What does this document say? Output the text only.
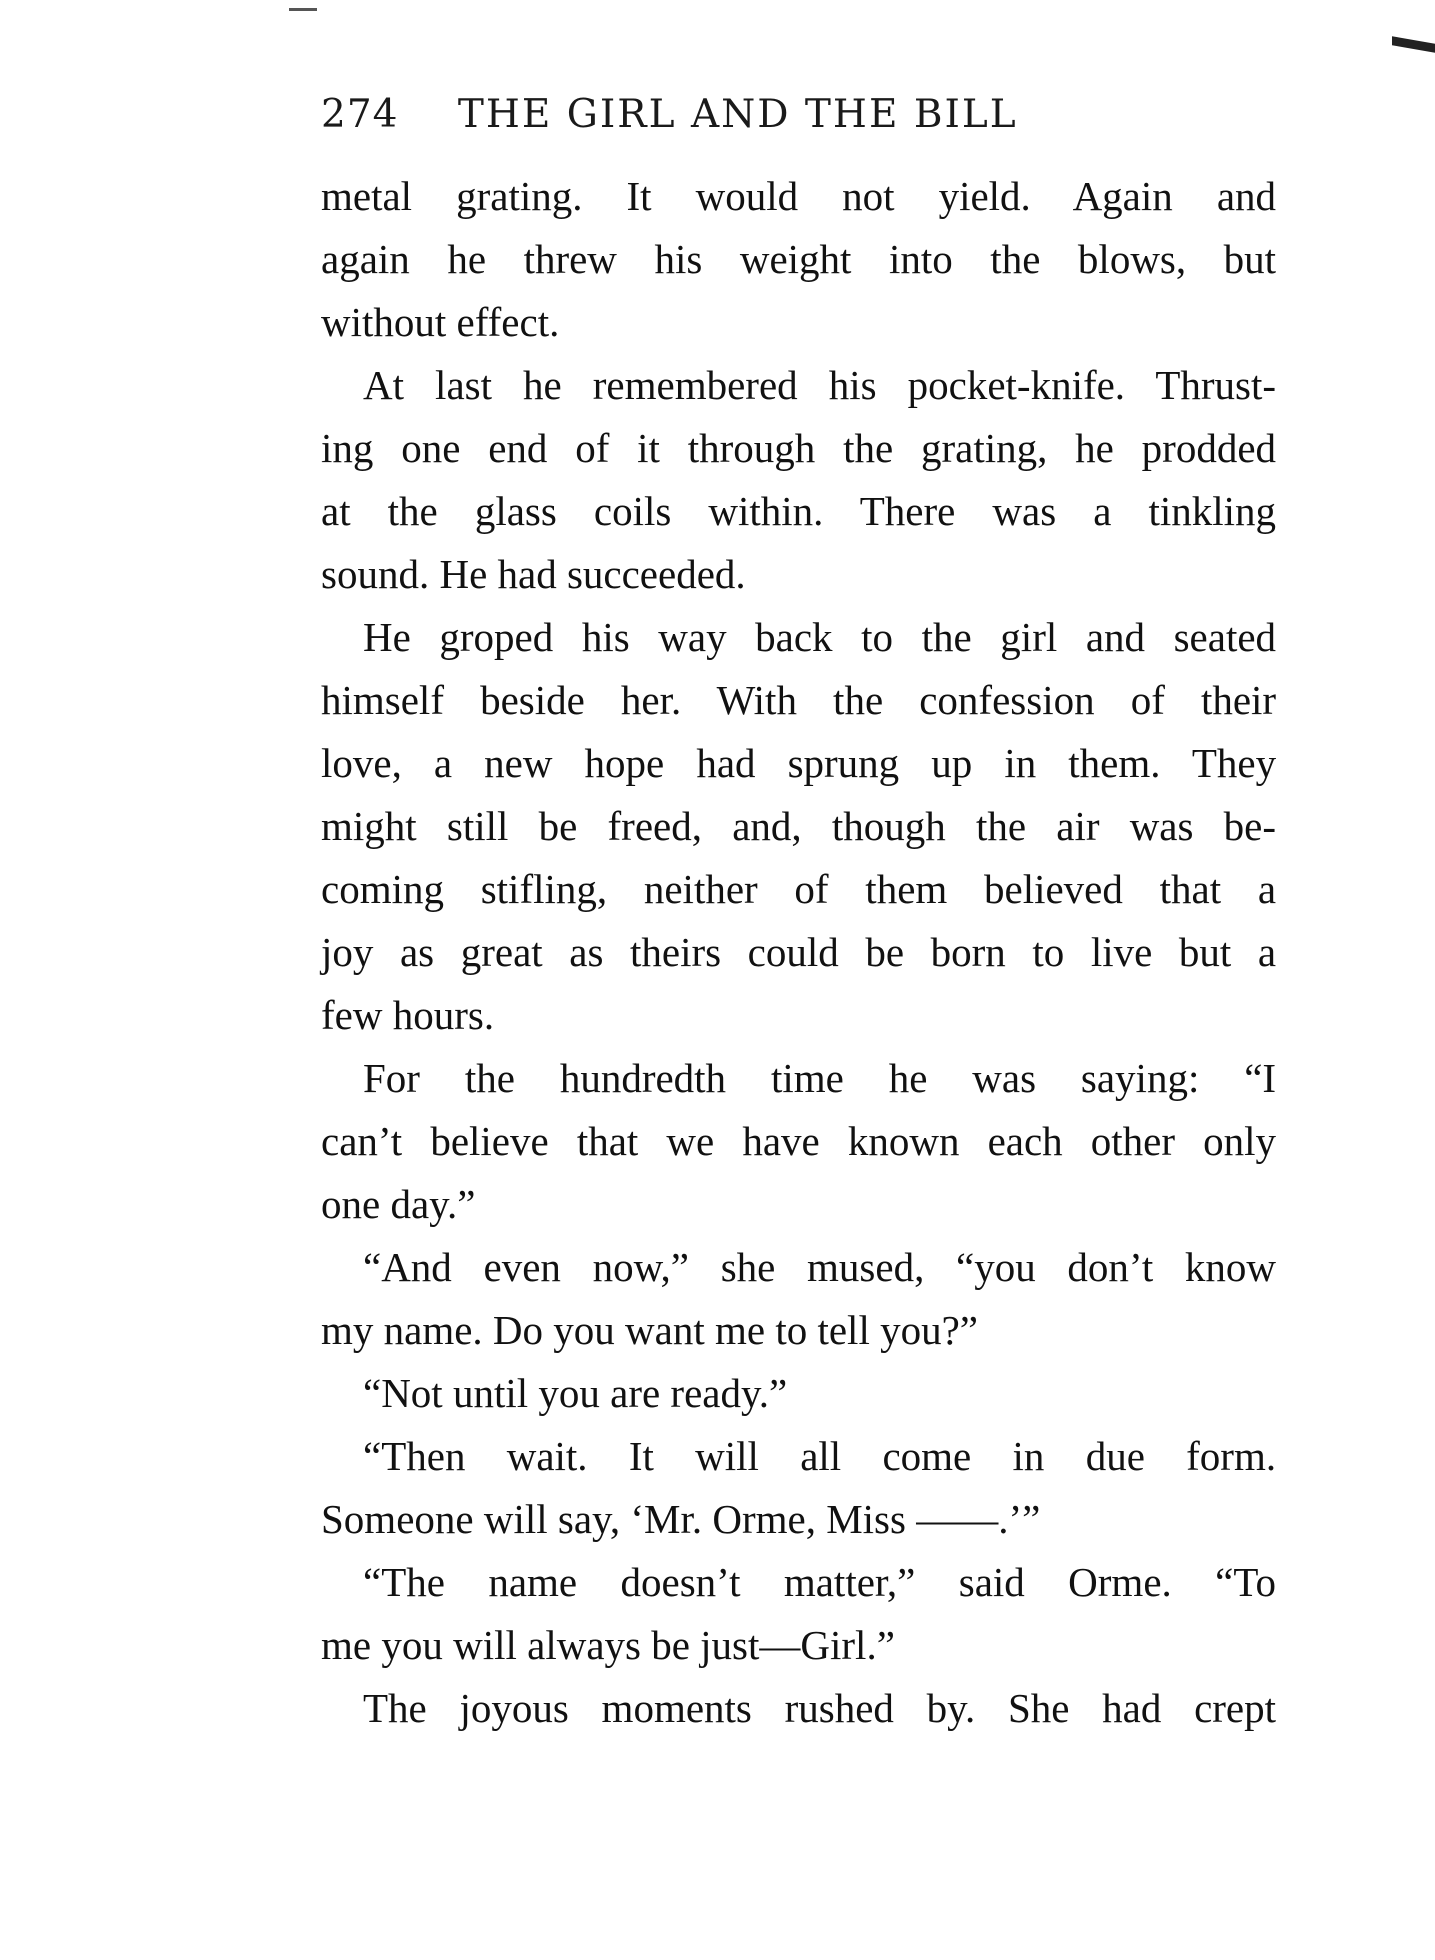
274 THE GIRL AND THE BILL
metal grating. It would not yield. Again and
again he threw his weight into the blows, but
without effect.
At last he remembered his pocket-knife. Thrust-
ing one end of it through the grating, he prodded
at the glass coils within. There was a tinkling
sound. He had succeeded.
He groped his way back to the girl and seated
himself beside her. With the confession of their
love, a new hope had sprung up in them. They
might still be freed, and, though the air was be-
coming stifling, neither of them believed that a
joy as great as theirs could be born to live but a
few hours.
For the hundredth time he was saying: “I
can’t believe that we have known each other only
one day.”
“And even now,” she mused, “you don’t know
my name. Do you want me to tell you?”
“Not until you are ready.”
“Then wait. It will all come in due form.
Someone will say, ‘Mr. Orme, Miss ——.’”
“The name doesn’t matter,” said Orme. “To
me you will always be just—Girl.”
The joyous moments rushed by. She had crept
